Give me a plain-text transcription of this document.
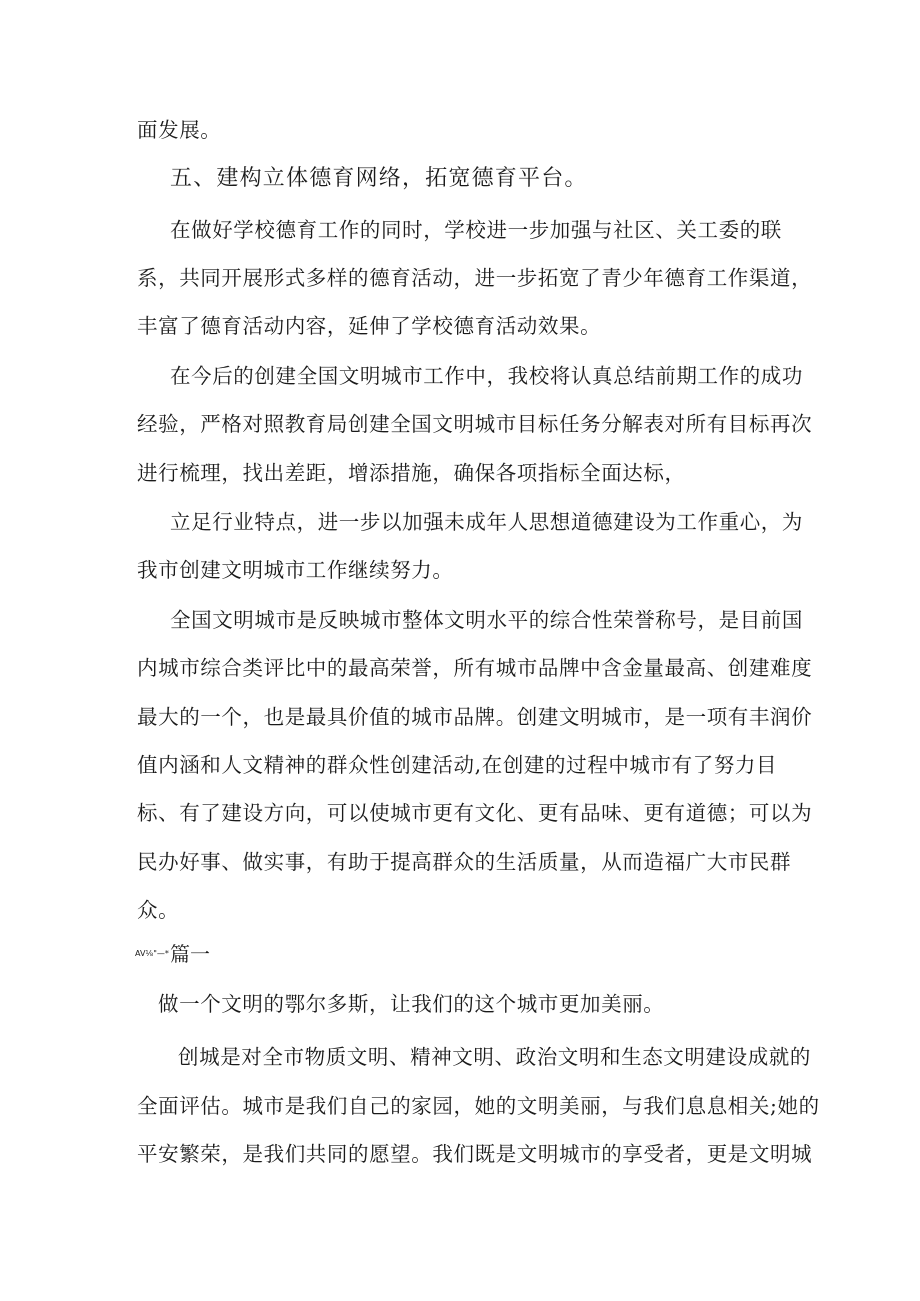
面发展。
五、建构立体德育网络，拓宽德育平台。
在做好学校德育工作的同时，学校进一步加强与社区、关工委的联
系，共同开展形式多样的德育活动，进一步拓宽了青少年德育工作渠道，
丰富了德育活动内容，延伸了学校德育活动效果。
在今后的创建全国文明城市工作中，我校将认真总结前期工作的成功
经验，严格对照教育局创建全国文明城市目标任务分解表对所有目标再次
进行梳理，找出差距，增添措施，确保各项指标全面达标，
立足行业特点，进一步以加强未成年人思想道德建设为工作重心，为
我市创建文明城市工作继续努力。
全国文明城市是反映城市整体文明水平的综合性荣誉称号，是目前国
内城市综合类评比中的最高荣誉，所有城市品牌中含金量最高、创建难度
最大的一个，也是最具价值的城市品牌。创建文明城市，是一项有丰润价
值内涵和人文精神的群众性创建活动,在创建的过程中城市有了努力目
标、有了建设方向，可以使城市更有文化、更有品味、更有道德；可以为
民办好事、做实事，有助于提高群众的生活质量，从而造福广大市民群
众。
AV⅛"—* 篇一
做一个文明的鄂尔多斯，让我们的这个城市更加美丽。
创城是对全市物质文明、精神文明、政治文明和生态文明建设成就的
全面评估。城市是我们自己的家园，她的文明美丽，与我们息息相关;她的
平安繁荣，是我们共同的愿望。我们既是文明城市的享受者，更是文明城
